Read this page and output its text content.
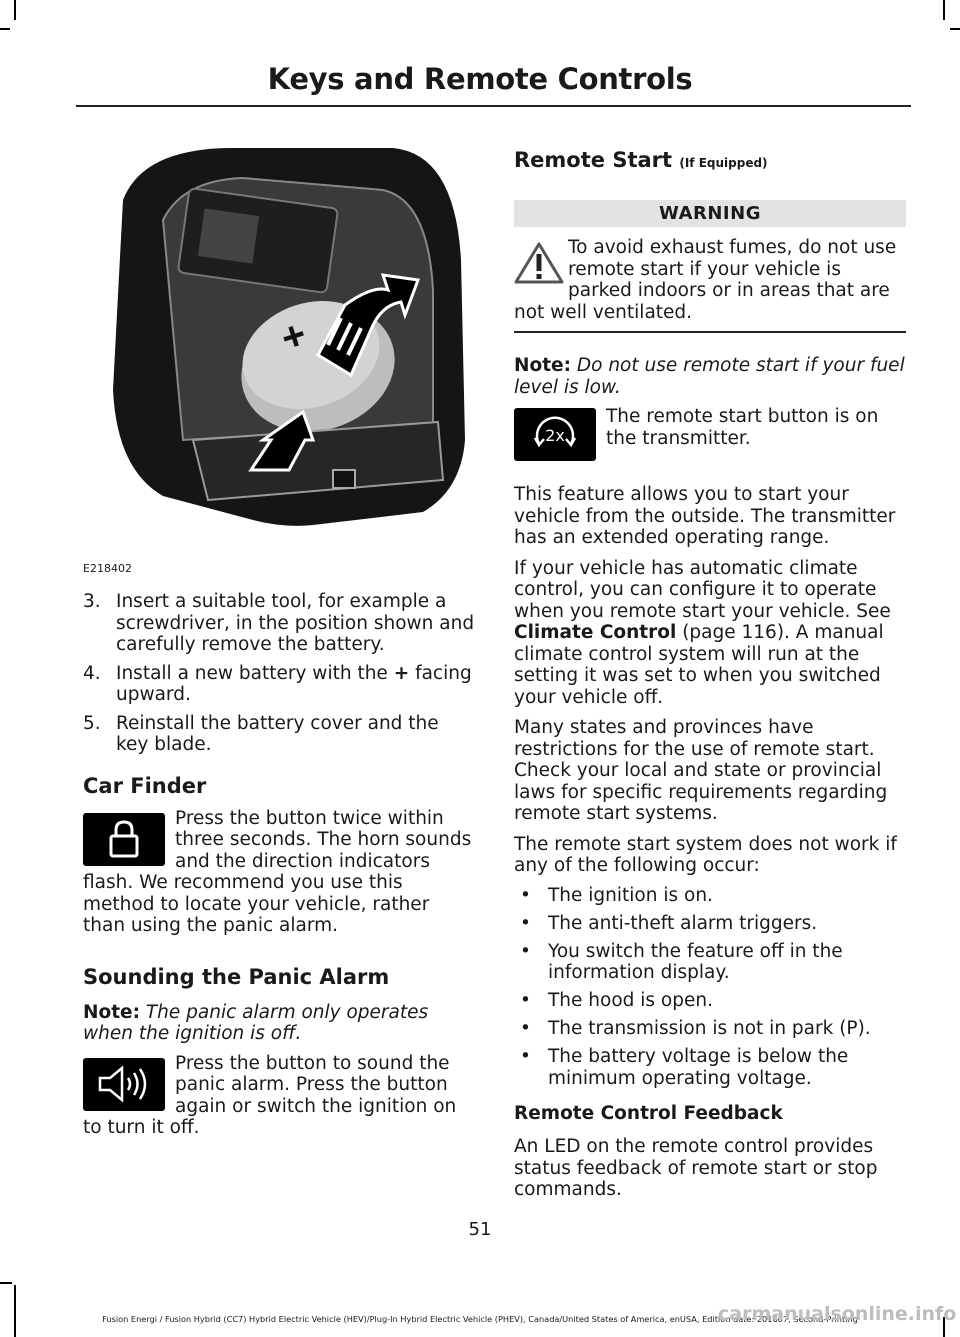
Keys and Remote Controls
+
E218402
3. Insert a suitable tool, for example a screwdriver, in the position shown and carefully remove the battery.
4. Install a new battery with the + facing upward.
5. Reinstall the battery cover and the key blade.
Car Finder

Press the button twice within three seconds. The horn sounds and the direction indicators flash. We recommend you use this method to locate your vehicle, rather than using the panic alarm.

Sounding the Panic Alarm

Note: The panic alarm only operates when the ignition is off.

Press the button to sound the panic alarm. Press the button again or switch the ignition on to turn it off.

Remote Start (If Equipped)
WARNING
To avoid exhaust fumes, do not use remote start if your vehicle is parked indoors or in areas that are not well ventilated.

Note: Do not use remote start if your fuel level is low.

2x
The remote start button is on the transmitter.

This feature allows you to start your vehicle from the outside. The transmitter has an extended operating range.

If your vehicle has automatic climate control, you can configure it to operate when you remote start your vehicle. See Climate Control (page 116). A manual climate control system will run at the setting it was set to when you switched your vehicle off.

Many states and provinces have restrictions for the use of remote start. Check your local and state or provincial laws for specific requirements regarding remote start systems.

The remote start system does not work if any of the following occur:

• The ignition is on.
• The anti-theft alarm triggers.
• You switch the feature off in the information display.
• The hood is open.
• The transmission is not in park (P).
• The battery voltage is below the minimum operating voltage.
Remote Control Feedback

An LED on the remote control provides status feedback of remote start or stop commands.

51
Fusion Energi / Fusion Hybrid (CC7) Hybrid Electric Vehicle (HEV)/Plug-In Hybrid Electric Vehicle (PHEV), Canada/United States of America, enUSA, Edition date: 201607, Second-Printing
carmanualsonline.info
